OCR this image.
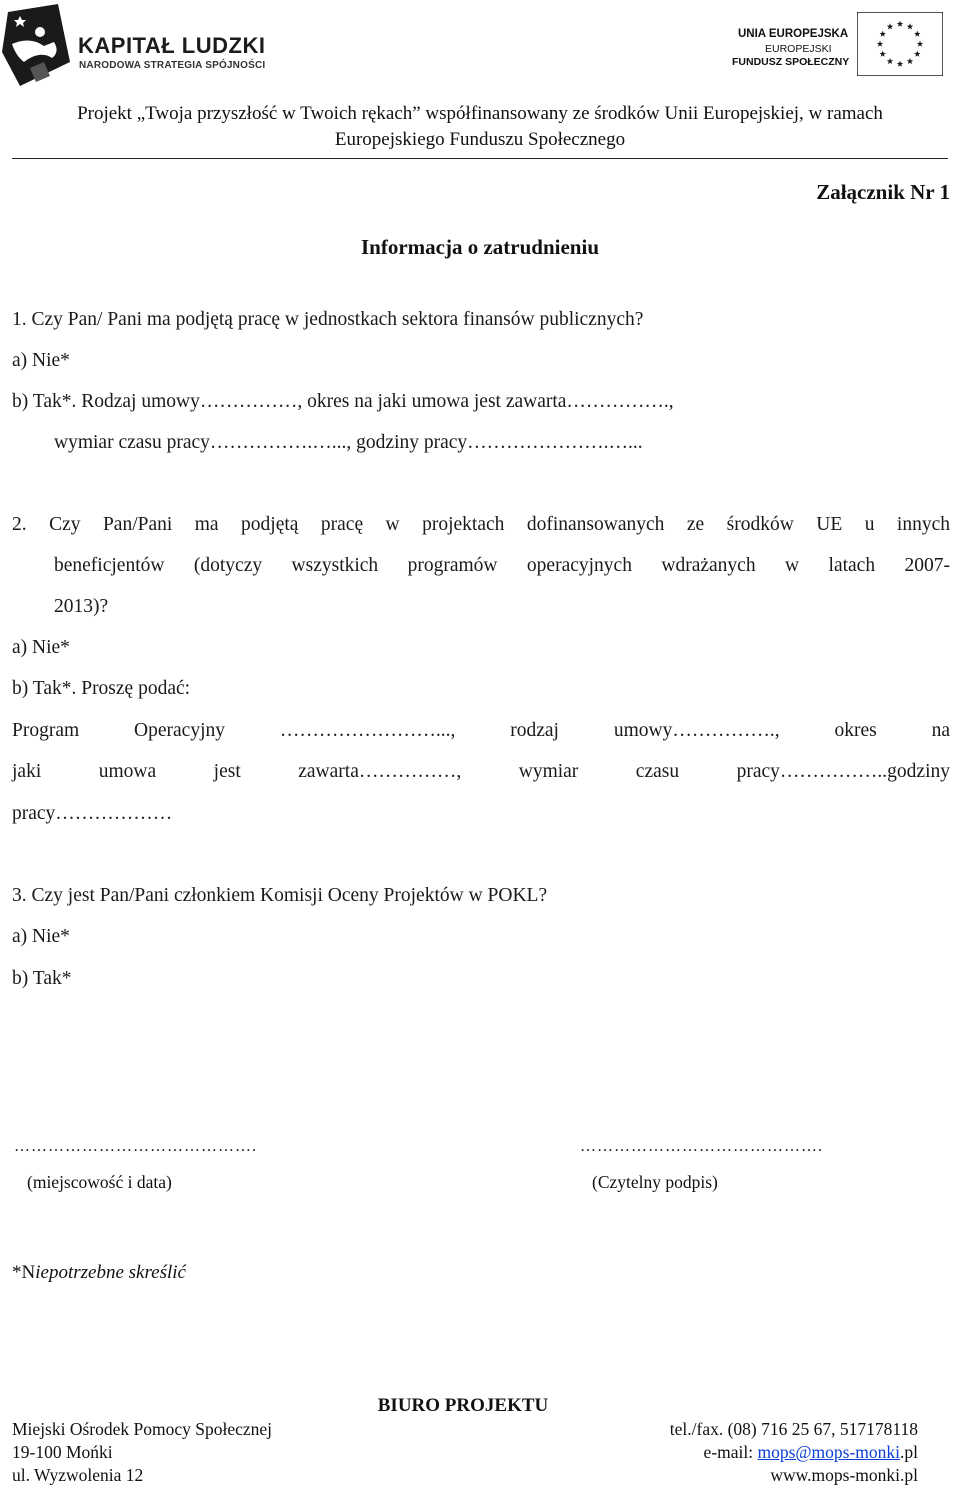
KAPITAŁ LUDZKI
NARODOWA STRATEGIA SPÓJNOŚCI
UNIA EUROPEJSKA
EUROPEJSKI
FUNDUSZ SPOŁECZNY
Projekt „Twoja przyszłość w Twoich rękach” współfinansowany ze środków Unii Europejskiej, w ramach
Europejskiego Funduszu Społecznego
Załącznik Nr 1
Informacja o zatrudnieniu
1. Czy Pan/ Pani ma podjętą pracę w jednostkach sektora finansów publicznych?
a) Nie*
b) Tak*. Rodzaj umowy……………, okres na jaki umowa jest zawarta…………….,
wymiar czasu pracy…………….…..., godziny pracy………………….…...
2. Czy Pan/Pani ma podjętą pracę w projektach dofinansowanych ze środków UE u innych
beneficjentów (dotyczy wszystkich programów operacyjnych wdrażanych w latach 2007-
2013)?
a) Nie*
b) Tak*. Proszę podać:
Program Operacyjny ……………………..., rodzaj umowy……………., okres na
jaki umowa jest zawarta……………, wymiar czasu pracy……………..godziny
pracy………………
3. Czy jest Pan/Pani członkiem Komisji Oceny Projektów w POKL?
a) Nie*
b) Tak*
…………………………………….
(miejscowość i data)
…………………………………….
(Czytelny podpis)
*Niepotrzebne skreślić
BIURO PROJEKTU
Miejski Ośrodek Pomocy Społecznej
19-100 Mońki
ul. Wyzwolenia 12
tel./fax. (08) 716 25 67, 517178118
e-mail: mops@mops-monki.pl
www.mops-monki.pl
